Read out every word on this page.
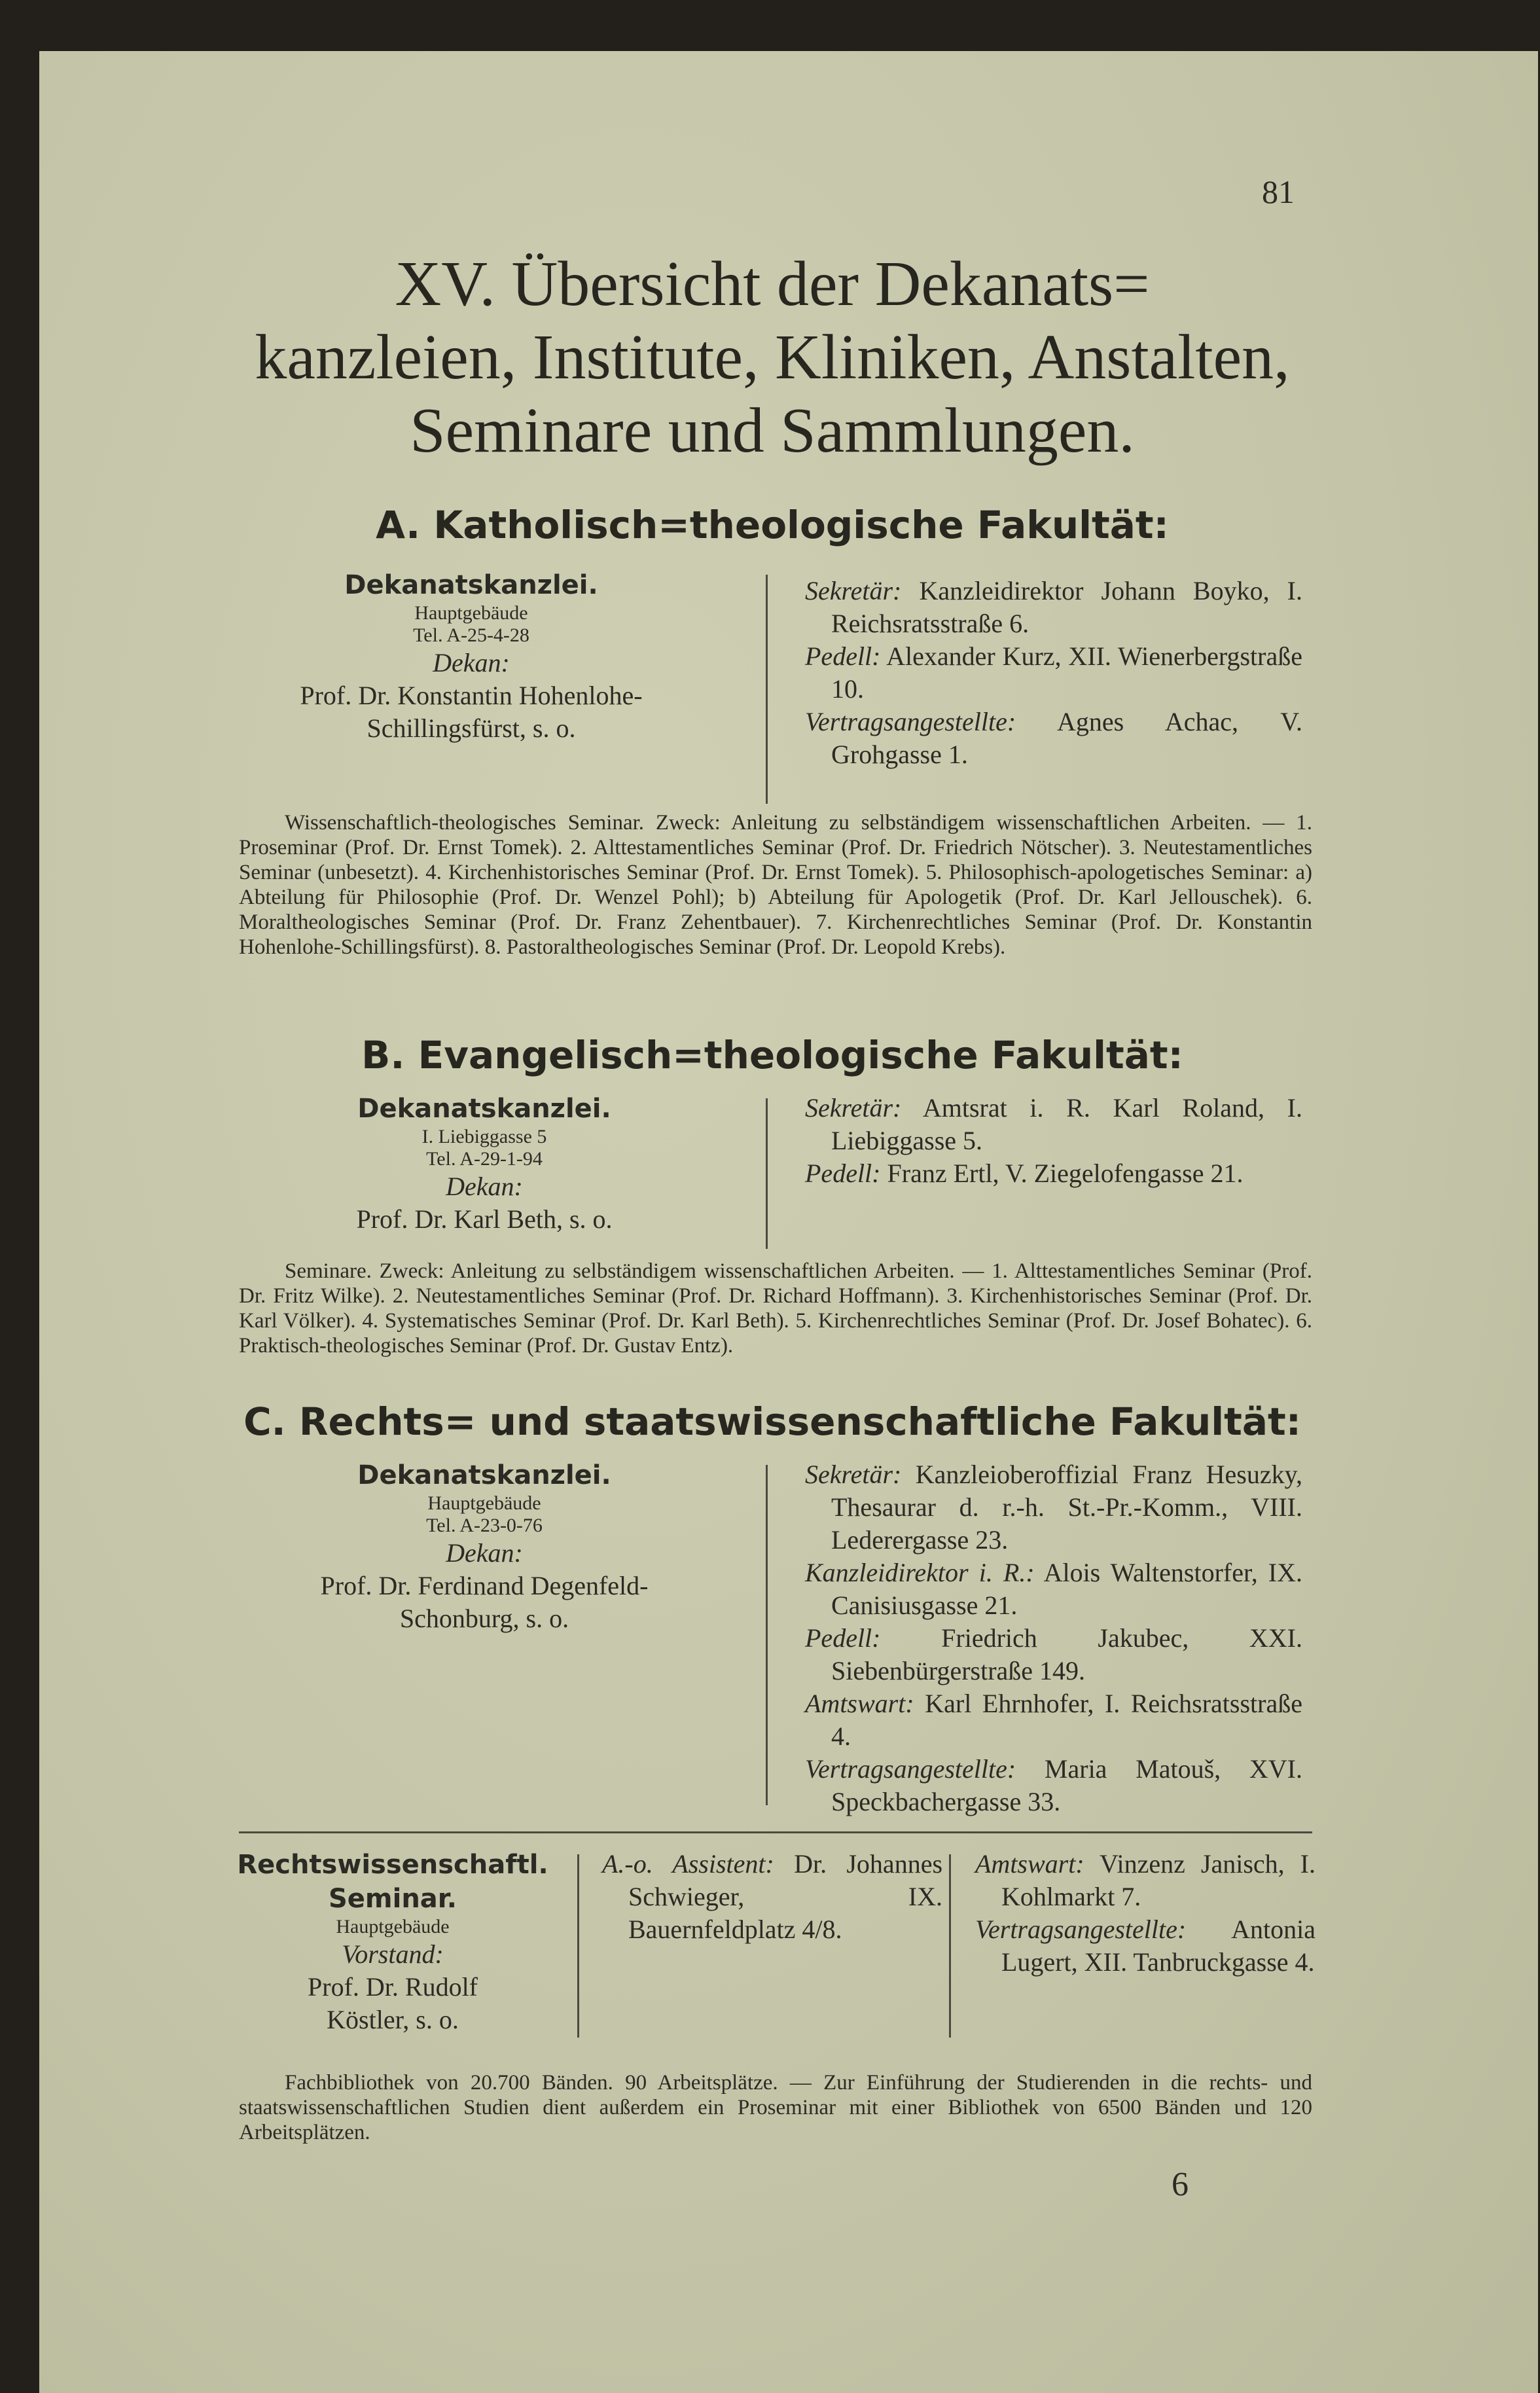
81
XV. Übersicht der Dekanats=
kanzleien, Institute, Kliniken, Anstalten,
Seminare und Sammlungen.
A. Katholisch=theologische Fakultät:
Dekanatskanzlei.
Hauptgebäude
Tel. A-25-4-28
Dekan:
Prof. Dr. Konstantin Hohenlohe-
Schillingsfürst, s. o.
Sekretär: Kanzleidirektor Johann Boyko, I. Reichsratsstraße 6.
Pedell: Alexander Kurz, XII. Wienerbergstraße 10.
Vertragsangestellte: Agnes Achac, V. Grohgasse 1.
Wissenschaftlich-theologisches Seminar. Zweck: Anleitung zu selbständigem wissenschaftlichen Arbeiten. — 1. Proseminar (Prof. Dr. Ernst Tomek). 2. Alttestamentliches Seminar (Prof. Dr. Friedrich Nötscher). 3. Neutestamentliches Seminar (unbesetzt). 4. Kirchenhistorisches Seminar (Prof. Dr. Ernst Tomek). 5. Philosophisch-apologetisches Seminar: a) Abteilung für Philosophie (Prof. Dr. Wenzel Pohl); b) Abteilung für Apologetik (Prof. Dr. Karl Jellouschek). 6. Moraltheologisches Seminar (Prof. Dr. Franz Zehentbauer). 7. Kirchenrechtliches Seminar (Prof. Dr. Konstantin Hohenlohe-Schillingsfürst). 8. Pastoraltheologisches Seminar (Prof. Dr. Leopold Krebs).
B. Evangelisch=theologische Fakultät:
Dekanatskanzlei.
I. Liebiggasse 5
Tel. A-29-1-94
Dekan:
Prof. Dr. Karl Beth, s. o.
Sekretär: Amtsrat i. R. Karl Roland, I. Liebiggasse 5.
Pedell: Franz Ertl, V. Ziegelofengasse 21.
Seminare. Zweck: Anleitung zu selbständigem wissenschaftlichen Arbeiten. — 1. Alttestamentliches Seminar (Prof. Dr. Fritz Wilke). 2. Neutestamentliches Seminar (Prof. Dr. Richard Hoffmann). 3. Kirchenhistorisches Seminar (Prof. Dr. Karl Völker). 4. Systematisches Seminar (Prof. Dr. Karl Beth). 5. Kirchenrechtliches Seminar (Prof. Dr. Josef Bohatec). 6. Praktisch-theologisches Seminar (Prof. Dr. Gustav Entz).
C. Rechts= und staatswissenschaftliche Fakultät:
Dekanatskanzlei.
Hauptgebäude
Tel. A-23-0-76
Dekan:
Prof. Dr. Ferdinand Degenfeld-
Schonburg, s. o.
Sekretär: Kanzleioberoffizial Franz Hesuzky, Thesaurar d. r.-h. St.-Pr.-Komm., VIII. Lederergasse 23.
Kanzleidirektor i. R.: Alois Waltenstorfer, IX. Canisiusgasse 21.
Pedell: Friedrich Jakubec, XXI. Siebenbürgerstraße 149.
Amtswart: Karl Ehrnhofer, I. Reichsratsstraße 4.
Vertragsangestellte: Maria Matouš, XVI. Speckbachergasse 33.
Rechtswissenschaftl.
Seminar.
Hauptgebäude
Vorstand:
Prof. Dr. Rudolf
Köstler, s. o.
A.-o. Assistent: Dr. Johannes Schwieger, IX. Bauernfeldplatz 4/8.
Amtswart: Vinzenz Janisch, I. Kohlmarkt 7.
Vertragsangestellte: Antonia Lugert, XII. Tanbruckgasse 4.
Fachbibliothek von 20.700 Bänden. 90 Arbeitsplätze. — Zur Einführung der Studierenden in die rechts- und staatswissenschaftlichen Studien dient außerdem ein Proseminar mit einer Bibliothek von 6500 Bänden und 120 Arbeitsplätzen.
6
